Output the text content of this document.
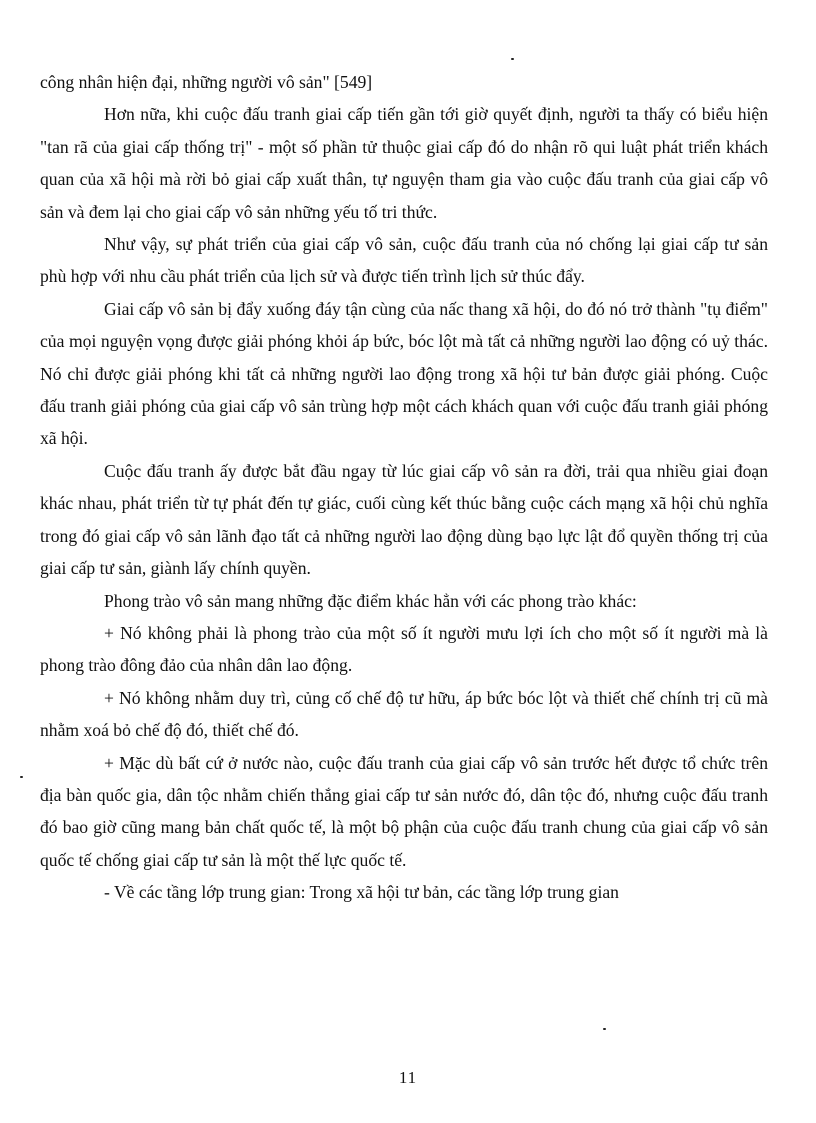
công nhân hiện đại, những người vô sản" [549]

Hơn nữa, khi cuộc đấu tranh giai cấp tiến gần tới giờ quyết định, người ta thấy có biểu hiện "tan rã của giai cấp thống trị" - một số phần tử thuộc giai cấp đó do nhận rõ qui luật phát triển khách quan của xã hội mà rời bỏ giai cấp xuất thân, tự nguyện tham gia vào cuộc đấu tranh của giai cấp vô sản và đem lại cho giai cấp vô sản những yếu tố tri thức.

Như vậy, sự phát triển của giai cấp vô sản, cuộc đấu tranh của nó chống lại giai cấp tư sản phù hợp với nhu cầu phát triển của lịch sử và được tiến trình lịch sử thúc đẩy.

Giai cấp vô sản bị đẩy xuống đáy tận cùng của nấc thang xã hội, do đó nó trở thành "tụ điểm" của mọi nguyện vọng được giải phóng khỏi áp bức, bóc lột mà tất cả những người lao động có uỷ thác. Nó chỉ được giải phóng khi tất cả những người lao động trong xã hội tư bản được giải phóng. Cuộc đấu tranh giải phóng của giai cấp vô sản trùng hợp một cách khách quan với cuộc đấu tranh giải phóng xã hội.

Cuộc đấu tranh ấy được bắt đầu ngay từ lúc giai cấp vô sản ra đời, trải qua nhiều giai đoạn khác nhau, phát triển từ tự phát đến tự giác, cuối cùng kết thúc bằng cuộc cách mạng xã hội chủ nghĩa trong đó giai cấp vô sản lãnh đạo tất cả những người lao động dùng bạo lực lật đổ quyền thống trị của giai cấp tư sản, giành lấy chính quyền.

Phong trào vô sản mang những đặc điểm khác hẳn với các phong trào khác:

+ Nó không phải là phong trào của một số ít người mưu lợi ích cho một số ít người mà là phong trào đông đảo của nhân dân lao động.

+ Nó không nhằm duy trì, củng cố chế độ tư hữu, áp bức bóc lột và thiết chế chính trị cũ mà nhằm xoá bỏ chế độ đó, thiết chế đó.

+ Mặc dù bất cứ ở nước nào, cuộc đấu tranh của giai cấp vô sản trước hết được tổ chức trên địa bàn quốc gia, dân tộc nhằm chiến thắng giai cấp tư sản nước đó, dân tộc đó, nhưng cuộc đấu tranh đó bao giờ cũng mang bản chất quốc tế, là một bộ phận của cuộc đấu tranh chung của giai cấp vô sản quốc tế chống giai cấp tư sản là một thế lực quốc tế.

- Về các tầng lớp trung gian: Trong xã hội tư bản, các tầng lớp trung gian

11
